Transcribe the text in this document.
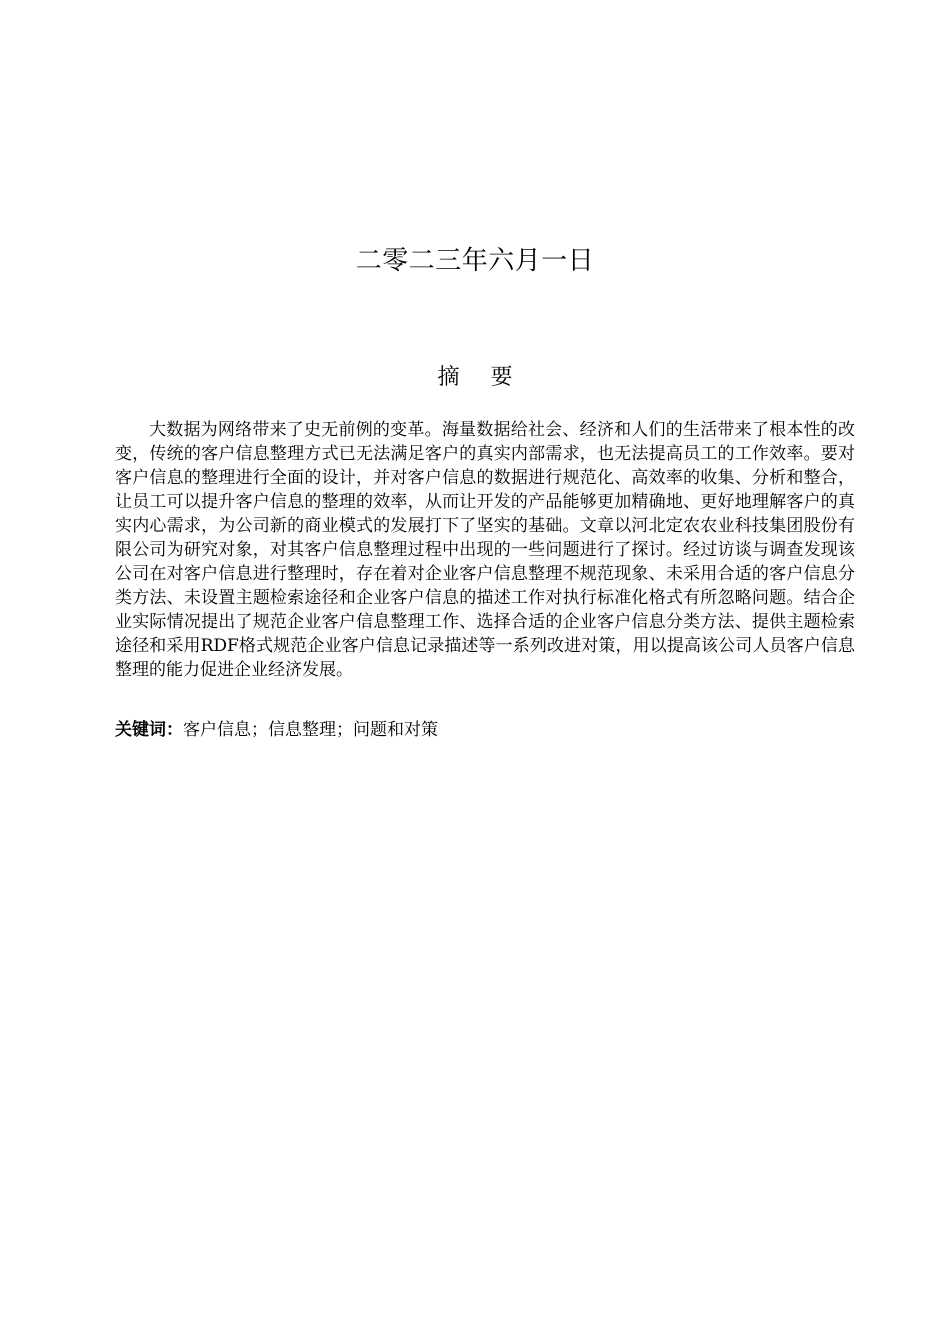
二零二三年六月一日
摘 要

大数据为网络带来了史无前例的变革。海量数据给社会、经济和人们的生活带来了根本性的改变，传统的客户信息整理方式已无法满足客户的真实内部需求，也无法提高员工的工作效率。要对客户信息的整理进行全面的设计，并对客户信息的数据进行规范化、高效率的收集、分析和整合，让员工可以提升客户信息的整理的效率，从而让开发的产品能够更加精确地、更好地理解客户的真实内心需求，为公司新的商业模式的发展打下了坚实的基础。文章以河北定农农业科技集团股份有限公司为研究对象，对其客户信息整理过程中出现的一些问题进行了探讨。经过访谈与调查发现该公司在对客户信息进行整理时，存在着对企业客户信息整理不规范现象、未采用合适的客户信息分类方法、未设置主题检索途径和企业客户信息的描述工作对执行标准化格式有所忽略问题。结合企业实际情况提出了规范企业客户信息整理工作、选择合适的企业客户信息分类方法、提供主题检索途径和采用RDF格式规范企业客户信息记录描述等一系列改进对策，用以提高该公司人员客户信息整理的能力促进企业经济发展。

关键词：客户信息；信息整理；问题和对策
